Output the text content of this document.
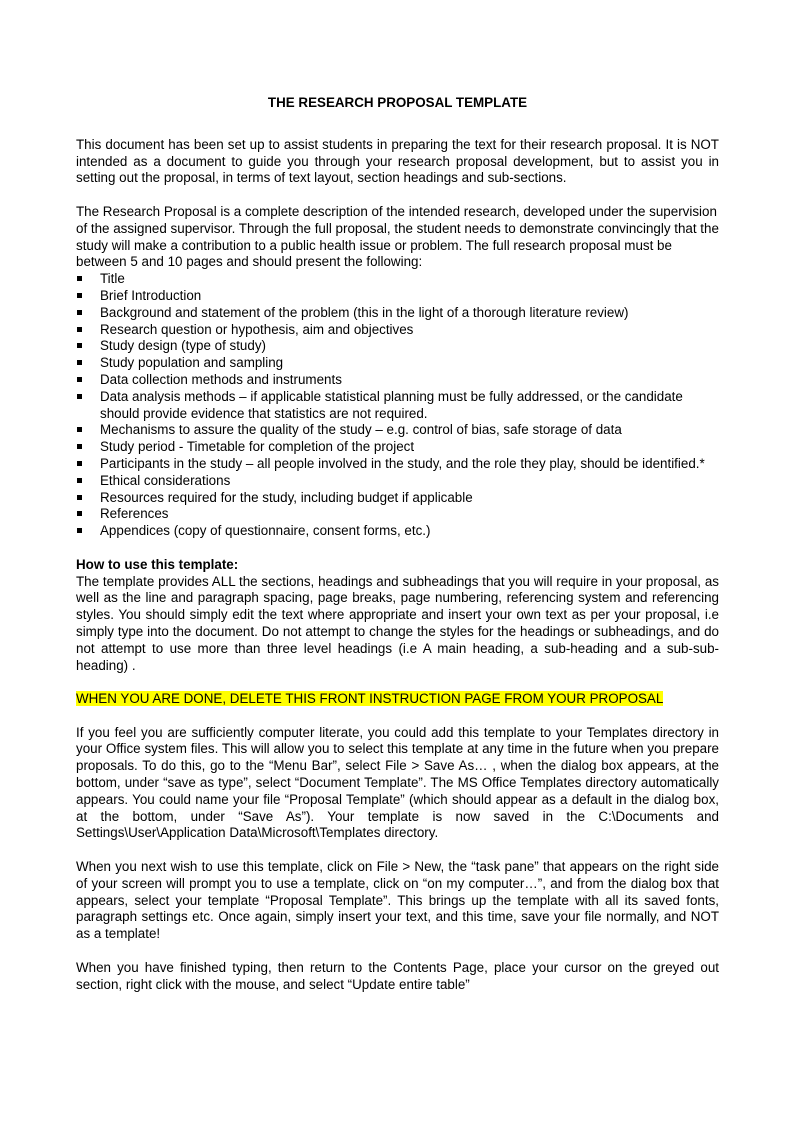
THE RESEARCH PROPOSAL TEMPLATE

This document has been set up to assist students in preparing the text for their research proposal. It is NOT intended as a document to guide you through your research proposal development, but to assist you in setting out the proposal, in terms of text layout, section headings and sub-sections.

The Research Proposal is a complete description of the intended research, developed under the supervision of the assigned supervisor. Through the full proposal, the student needs to demonstrate convincingly that the study will make a contribution to a public health issue or problem. The full research proposal must be between 5 and 10 pages and should present the following:

Title
Brief Introduction
Background and statement of the problem (this in the light of a thorough literature review)
Research question or hypothesis, aim and objectives
Study design (type of study)
Study population and sampling
Data collection methods and instruments
Data analysis methods – if applicable statistical planning must be fully addressed, or the candidate should provide evidence that statistics are not required.
Mechanisms to assure the quality of the study – e.g. control of bias, safe storage of data
Study period - Timetable for completion of the project
Participants in the study – all people involved in the study, and the role they play, should be identified.*
Ethical considerations
Resources required for the study, including budget if applicable
References
Appendices (copy of questionnaire, consent forms, etc.)

How to use this template:

The template provides ALL the sections, headings and subheadings that you will require in your proposal, as well as the line and paragraph spacing, page breaks, page numbering, referencing system and referencing styles. You should simply edit the text where appropriate and insert your own text as per your proposal, i.e simply type into the document. Do not attempt to change the styles for the headings or subheadings, and do not attempt to use more than three level headings (i.e A main heading, a sub-heading and a sub-sub-heading) .

WHEN YOU ARE DONE, DELETE THIS FRONT INSTRUCTION PAGE FROM YOUR PROPOSAL

If you feel you are sufficiently computer literate, you could add this template to your Templates directory in your Office system files. This will allow you to select this template at any time in the future when you prepare proposals. To do this, go to the “Menu Bar”, select File > Save As… , when the dialog box appears, at the bottom, under “save as type”, select “Document Template”. The MS Office Templates directory automatically appears. You could name your file “Proposal Template” (which should appear as a default in the dialog box, at the bottom, under “Save As”). Your template is now saved in the C:\Documents and Settings\User\Application Data\Microsoft\Templates directory.

When you next wish to use this template, click on File > New, the “task pane” that appears on the right side of your screen will prompt you to use a template, click on “on my computer…”, and from the dialog box that appears, select your template “Proposal Template”. This brings up the template with all its saved fonts, paragraph settings etc. Once again, simply insert your text, and this time, save your file normally, and NOT as a template!

When you have finished typing, then return to the Contents Page, place your cursor on the greyed out section, right click with the mouse, and select “Update entire table”
